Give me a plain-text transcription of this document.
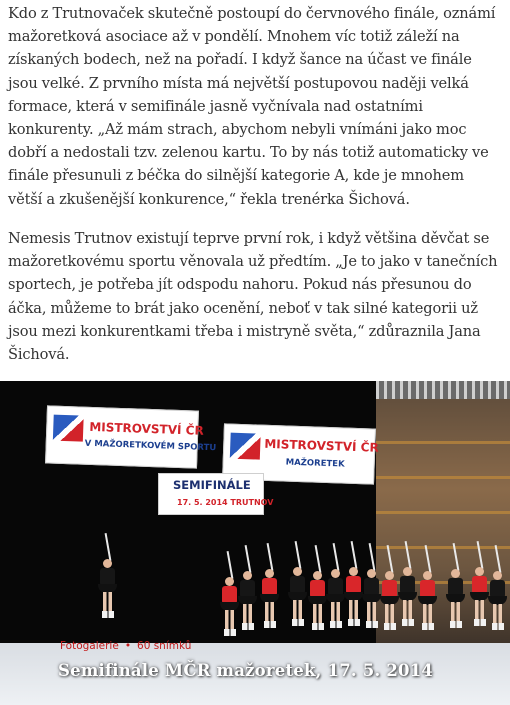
Kdo z Trutnovaček skutečně postoupí do červnového finále, oznámí mažoretková asociace až v pondělí. Mnohem víc totiž záleží na získaných bodech, než na pořadí. I když šance na účast ve finále jsou velké. Z prvního místa má největší postupovou naději velká formace, která v semifinále jasně vyčnívala nad ostatními konkurenty. „Až mám strach, abychom nebyli vnímáni jako moc dobří a nedostali tzv. zelenou kartu. To by nás totiž automaticky ve finále přesunuli z béčka do silnější kategorie A, kde je mnohem větší a zkušenější konkurence,“ řekla trenérka Šichová.

Nemesis Trutnov existují teprve první rok, i když většina děvčat se mažoretkovému sportu věnovala už předtím. „Je to jako v tanečních sportech, je potřeba jít odspodu nahoru. Pokud nás přesunou do áčka, můžeme to brát jako ocenění, neboť v tak silné kategorii už jsou mezi konkurentkami třeba i mistryně světa,“ zdůraznila Jana Šichová.

MISTROVSTVÍ ČR
V MAŽORETKOVÉM SPORTU	MISTROVSTVÍ ČR
MAŽORETEK
SEMIFINÁLE
17. 5. 2014 TRUTNOV
Fotogalerie • 60 snímků
Semifinále MČR mažoretek, 17. 5. 2014
